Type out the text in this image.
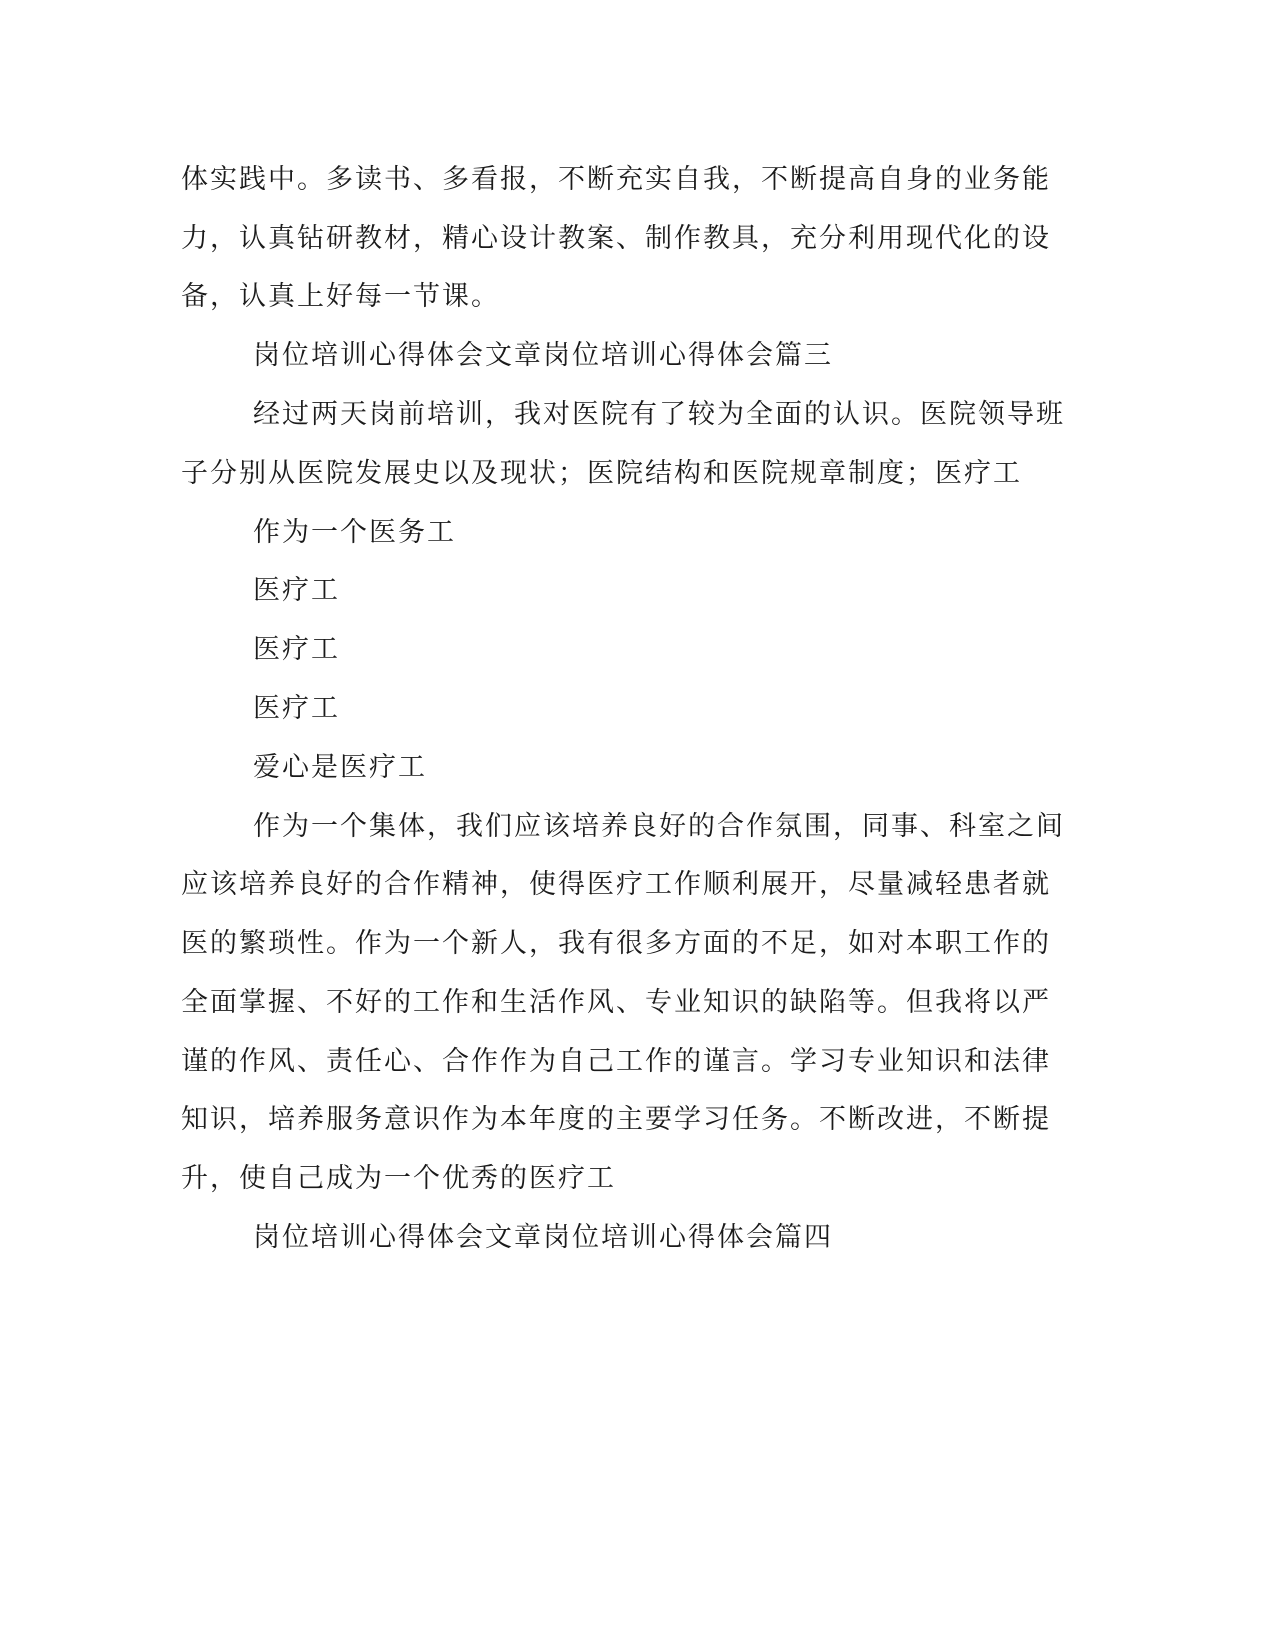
体实践中。多读书、多看报，不断充实自我，不断提高自身的业务能
力，认真钻研教材，精心设计教案、制作教具，充分利用现代化的设
备，认真上好每一节课。
岗位培训心得体会文章岗位培训心得体会篇三
经过两天岗前培训，我对医院有了较为全面的认识。医院领导班
子分别从医院发展史以及现状；医院结构和医院规章制度；医疗工
作为一个医务工
医疗工
医疗工
医疗工
爱心是医疗工
作为一个集体，我们应该培养良好的合作氛围，同事、科室之间
应该培养良好的合作精神，使得医疗工作顺利展开，尽量减轻患者就
医的繁琐性。作为一个新人，我有很多方面的不足，如对本职工作的
全面掌握、不好的工作和生活作风、专业知识的缺陷等。但我将以严
谨的作风、责任心、合作作为自己工作的谨言。学习专业知识和法律
知识，培养服务意识作为本年度的主要学习任务。不断改进，不断提
升，使自己成为一个优秀的医疗工
岗位培训心得体会文章岗位培训心得体会篇四
